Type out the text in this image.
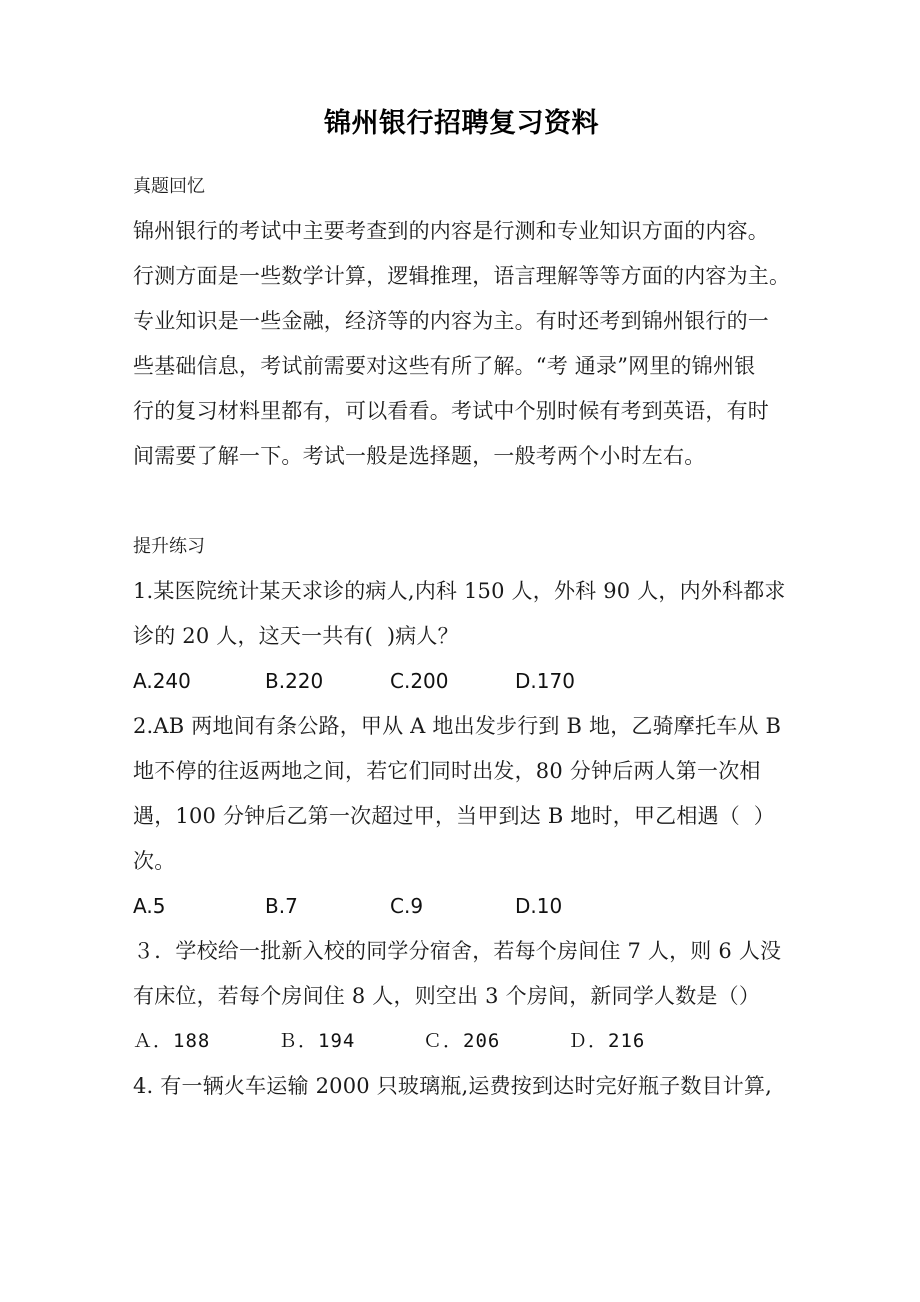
锦州银行招聘复习资料
真题回忆
锦州银行的考试中主要考查到的内容是行测和专业知识方面的内容。
行测方面是一些数学计算，逻辑推理，语言理解等等方面的内容为主。
专业知识是一些金融，经济等的内容为主。有时还考到锦州银行的一
些基础信息，考试前需要对这些有所了解。“考 通录”网里的锦州银
行的复习材料里都有，可以看看。考试中个别时候有考到英语，有时
间需要了解一下。考试一般是选择题，一般考两个小时左右。
提升练习
1.某医院统计某天求诊的病人,内科 150 人，外科 90 人，内外科都求
诊的 20 人，这天一共有(  )病人？

A.240

	B.220

	C.200

	D.170

2.AB 两地间有条公路，甲从 A 地出发步行到 B 地，乙骑摩托车从 B
地不停的往返两地之间，若它们同时出发，80 分钟后两人第一次相
遇，100 分钟后乙第一次超过甲，当甲到达 B 地时，甲乙相遇（  ）
次。

A.5

	B.7

	C.9

	D.10

３．学校给一批新入校的同学分宿舍，若每个房间住 7 人，则 6 人没
有床位，若每个房间住 8 人，则空出 3 个房间，新同学人数是（）

Ａ．188

	Ｂ．194

	Ｃ．206

	Ｄ．216

4. 有一辆火车运输 2000 只玻璃瓶,运费按到达时完好瓶子数目计算,
